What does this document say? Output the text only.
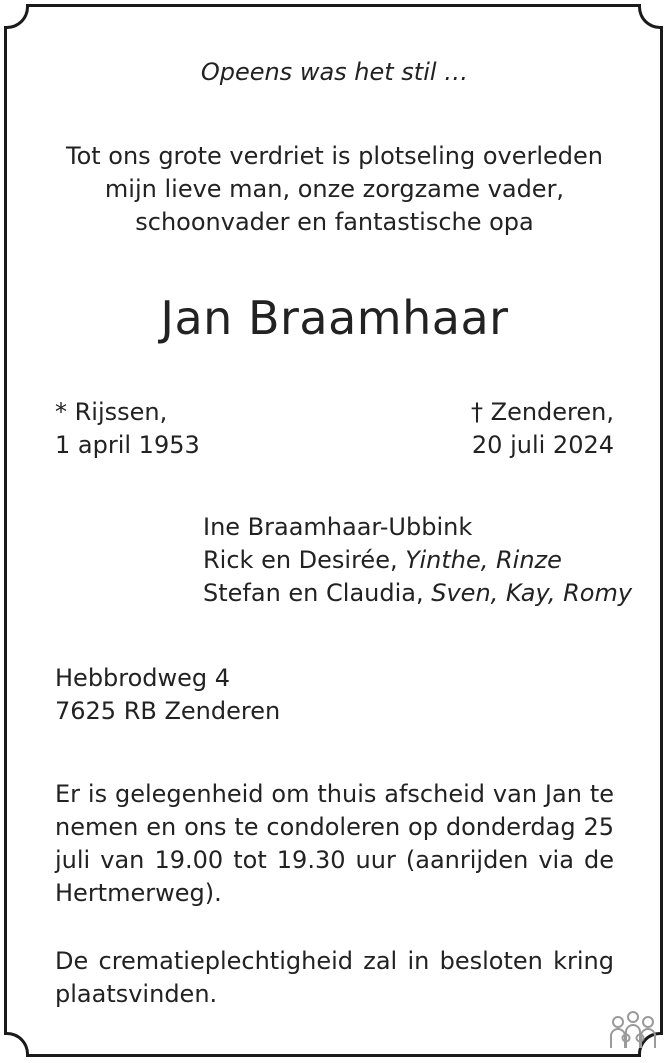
Opeens was het stil …
Tot ons grote verdriet is plotseling overleden
mijn lieve man, onze zorgzame vader,
schoonvader en fantastische opa
Jan Braamhaar
* Rijssen,
1 april 1953
† Zenderen,
20 juli 2024
Ine Braamhaar-Ubbink
Rick en Desirée, Yinthe, Rinze
Stefan en Claudia, Sven, Kay, Romy
Hebbrodweg 4
7625 RB Zenderen
Er is gelegenheid om thuis afscheid van Jan te nemen en ons te condoleren op donderdag 25 juli van 19.00 tot 19.30 uur (aanrijden via de Hertmerweg).
De crematieplechtigheid zal in besloten kring plaatsvinden.
